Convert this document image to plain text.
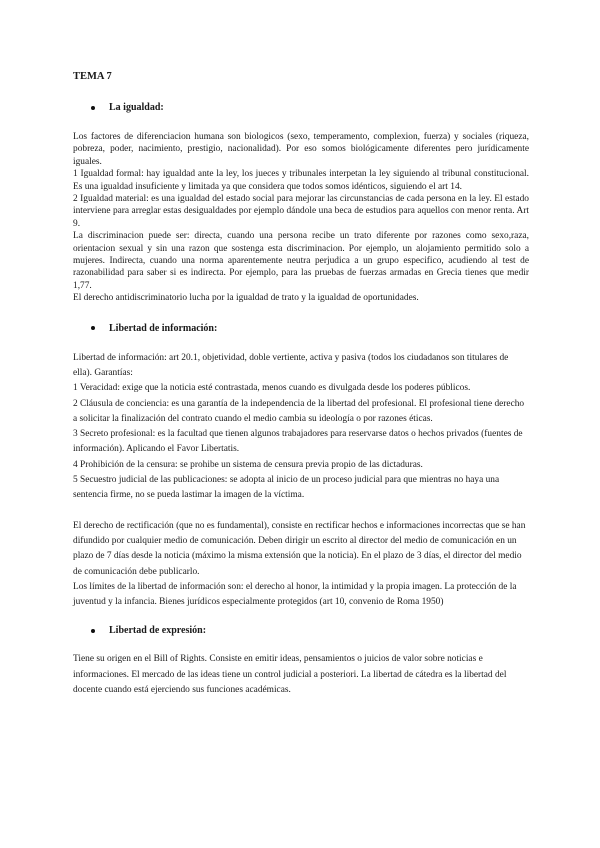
TEMA 7
La igualdad:

Los factores de diferenciacion humana son biologicos (sexo, temperamento, complexion, fuerza) y sociales (riqueza, pobreza, poder, nacimiento, prestigio, nacionalidad). Por eso somos biológicamente diferentes pero jurídicamente iguales.

1 Igualdad formal: hay igualdad ante la ley, los jueces y tribunales interpetan la ley siguiendo al tribunal constitucional. Es una igualdad insuficiente y limitada ya que considera que todos somos idénticos, siguiendo el art 14.

2 Igualdad material: es una igualdad del estado social para mejorar las circunstancias de cada persona en la ley. El estado interviene para arreglar estas desigualdades por ejemplo dándole una beca de estudios para aquellos con menor renta. Art 9.

La discriminacion puede ser: directa, cuando una persona recibe un trato diferente por razones como sexo,raza, orientacion sexual y sin una razon que sostenga esta discriminacion. Por ejemplo, un alojamiento permitido solo a mujeres. Indirecta, cuando una norma aparentemente neutra perjudica a un grupo especifico, acudiendo al test de razonabilidad para saber si es indirecta. Por ejemplo, para las pruebas de fuerzas armadas en Grecia tienes que medir 1,77.

El derecho antidiscriminatorio lucha por la igualdad de trato y la igualdad de oportunidades.

Libertad de información:

Libertad de información: art 20.1, objetividad, doble vertiente, activa y pasiva (todos los ciudadanos son titulares de ella). Garantías:

1 Veracidad: exige que la noticia esté contrastada, menos cuando es divulgada desde los poderes públicos.

2 Cláusula de conciencia: es una garantía de la independencia de la libertad del profesional. El profesional tiene derecho a solicitar la finalización del contrato cuando el medio cambia su ideología o por razones éticas.

3 Secreto profesional: es la facultad que tienen algunos trabajadores para reservarse datos o hechos privados (fuentes de información). Aplicando el Favor Libertatis.

4 Prohibición de la censura: se prohibe un sistema de censura previa propio de las dictaduras.

5 Secuestro judicial de las publicaciones: se adopta al inicio de un proceso judicial para que mientras no haya una sentencia firme, no se pueda lastimar la imagen de la víctima.

El derecho de rectificación (que no es fundamental), consiste en rectificar hechos e informaciones incorrectas que se han difundido por cualquier medio de comunicación. Deben dirigir un escrito al director del medio de comunicación en un plazo de 7 días desde la noticia (máximo la misma extensión que la noticia). En el plazo de 3 días, el director del medio de comunicación debe publicarlo.

Los límites de la libertad de información son: el derecho al honor, la intimidad y la propia imagen. La protección de la juventud y la infancia. Bienes jurídicos especialmente protegidos (art 10, convenio de Roma 1950)

Libertad de expresión:

Tiene su origen en el Bill of Rights. Consiste en emitir ideas, pensamientos o juicios de valor sobre noticias e informaciones. El mercado de las ideas tiene un control judicial a posteriori. La libertad de cátedra es la libertad del docente cuando está ejerciendo sus funciones académicas.
